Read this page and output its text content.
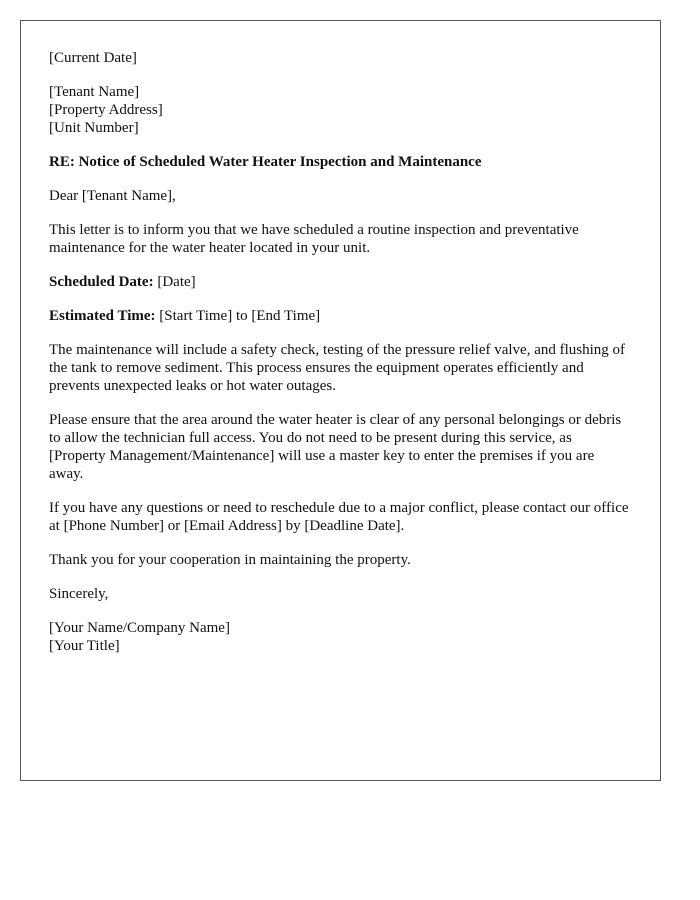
[Current Date]

[Tenant Name]
[Property Address]
[Unit Number]

RE: Notice of Scheduled Water Heater Inspection and Maintenance

Dear [Tenant Name],

This letter is to inform you that we have scheduled a routine inspection and preventative maintenance for the water heater located in your unit.

Scheduled Date: [Date]

Estimated Time: [Start Time] to [End Time]

The maintenance will include a safety check, testing of the pressure relief valve, and flushing of the tank to remove sediment. This process ensures the equipment operates efficiently and prevents unexpected leaks or hot water outages.

Please ensure that the area around the water heater is clear of any personal belongings or debris to allow the technician full access. You do not need to be present during this service, as [Property Management/Maintenance] will use a master key to enter the premises if you are away.

If you have any questions or need to reschedule due to a major conflict, please contact our office at [Phone Number] or [Email Address] by [Deadline Date].

Thank you for your cooperation in maintaining the property.

Sincerely,

[Your Name/Company Name]
[Your Title]
